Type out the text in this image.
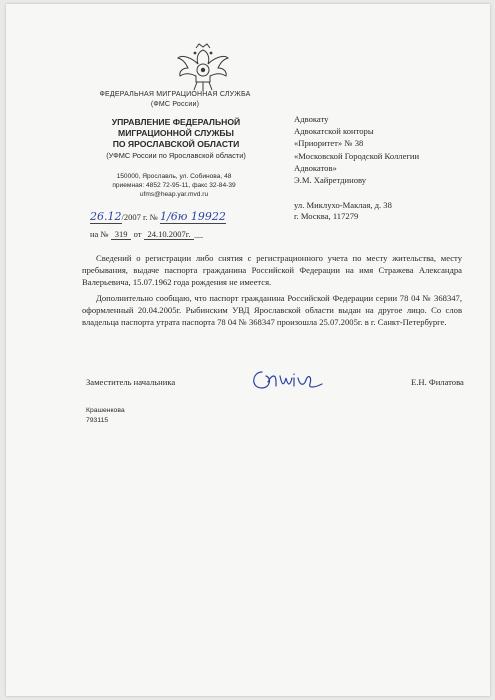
ФЕДЕРАЛЬНАЯ МИГРАЦИОННАЯ СЛУЖБА
(ФМС России)
УПРАВЛЕНИЕ ФЕДЕРАЛЬНОЙ
МИГРАЦИОННОЙ СЛУЖБЫ
ПО ЯРОСЛАВСКОЙ ОБЛАСТИ
(УФМС России по Ярославской области)
150000, Ярославль, ул. Собинова, 48
приемная: 4852 72-95-11, факс 32-84-39
ufms@heap.yar.mvd.ru
26.12/2007 г. № 1/6ю 19922
на № 319 от 24.10.2007г. __
Адвокату
Адвокатской конторы
«Приоритет» № 38
«Московской Городской Коллегии
Адвокатов»
Э.М. Хайретдинову
ул. Миклухо-Маклая, д. 38
г. Москва, 117279

Сведений о регистрации либо снятия с регистрационного учета по месту жительства, месту пребывания, выдаче паспорта гражданина Российской Федерации на имя Стражева Александра Валерьевича, 15.07.1962 года рождения не имеется.

Дополнительно сообщаю, что паспорт гражданина Российской Федерации серии 78 04 № 368347, оформленный 20.04.2005г. Рыбинским УВД Ярославской области выдан на другое лицо. Со слов владельца паспорта утрата паспорта 78 04 № 368347 произошла 25.07.2005г. в г. Санкт-Петербурге.

Заместитель начальника	Е.Н. Филатова
Крашенкова
793115
